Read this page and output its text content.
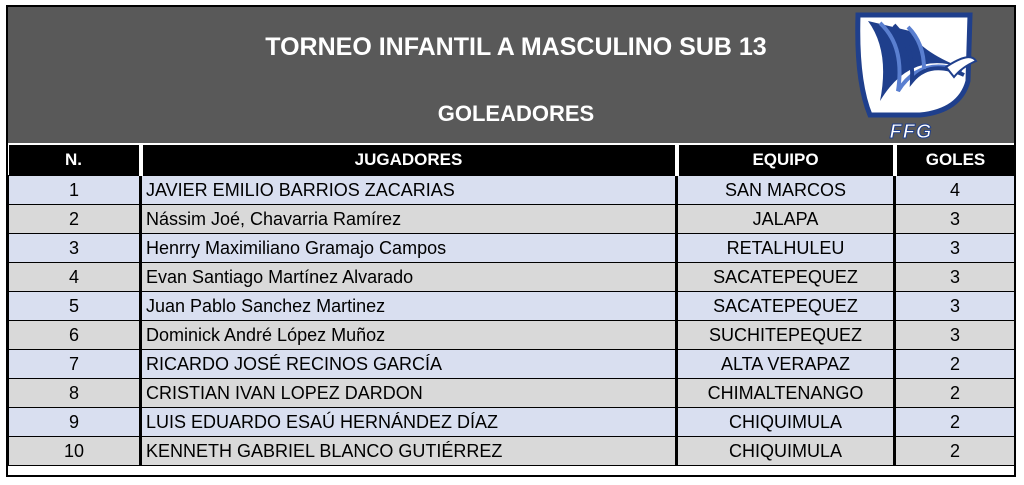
TORNEO INFANTIL A MASCULINO SUB 13
GOLEADORES
FFG
N.	JUGADORES	EQUIPO	GOLES
1	JAVIER EMILIO BARRIOS ZACARIAS	SAN MARCOS	4
2	Nássim Joé, Chavarria Ramírez	JALAPA	3
3	Henrry Maximiliano Gramajo Campos	RETALHULEU	3
4	Evan Santiago Martínez Alvarado	SACATEPEQUEZ	3
5	Juan Pablo Sanchez Martinez	SACATEPEQUEZ	3
6	Dominick André López Muñoz	SUCHITEPEQUEZ	3
7	RICARDO JOSÉ RECINOS GARCÍA	ALTA VERAPAZ	2
8	CRISTIAN IVAN LOPEZ DARDON	CHIMALTENANGO	2
9	LUIS EDUARDO ESAÚ HERNÁNDEZ DÍAZ	CHIQUIMULA	2
10	KENNETH GABRIEL BLANCO GUTIÉRREZ	CHIQUIMULA	2
